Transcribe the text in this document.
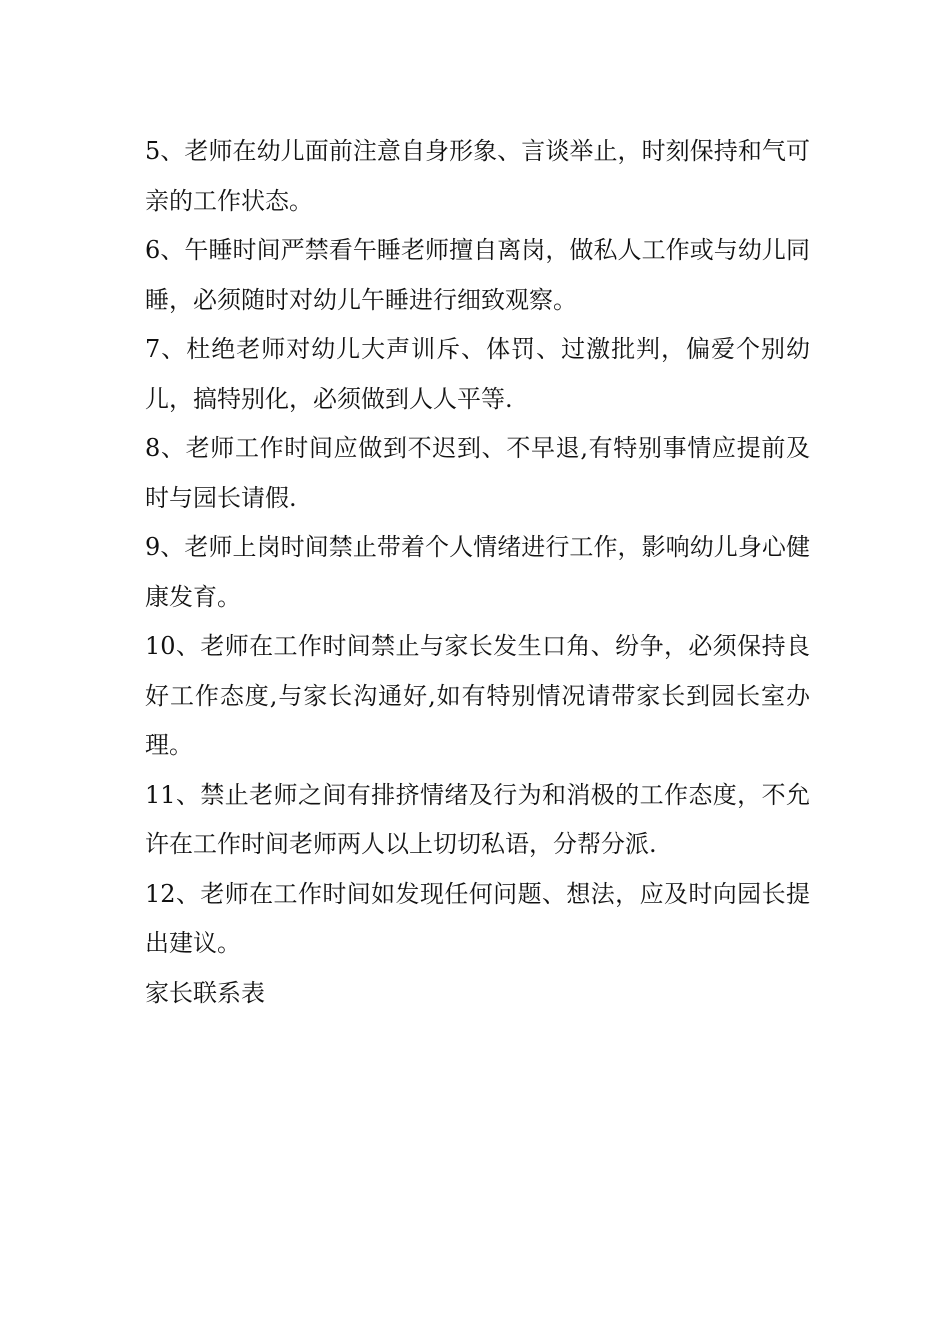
5、老师在幼儿面前注意自身形象、言谈举止，时刻保持和气可亲的工作状态。

6、午睡时间严禁看午睡老师擅自离岗，做私人工作或与幼儿同睡，必须随时对幼儿午睡进行细致观察。

7、杜绝老师对幼儿大声训斥、体罚、过激批判，偏爱个别幼儿，搞特别化，必须做到人人平等.

8、老师工作时间应做到不迟到、不早退,有特别事情应提前及时与园长请假.

9、老师上岗时间禁止带着个人情绪进行工作，影响幼儿身心健康发育。

10、老师在工作时间禁止与家长发生口角、纷争，必须保持良好工作态度,与家长沟通好,如有特别情况请带家长到园长室办理。

11、禁止老师之间有排挤情绪及行为和消极的工作态度，不允许在工作时间老师两人以上切切私语，分帮分派.

12、老师在工作时间如发现任何问题、想法，应及时向园长提出建议。

家长联系表
